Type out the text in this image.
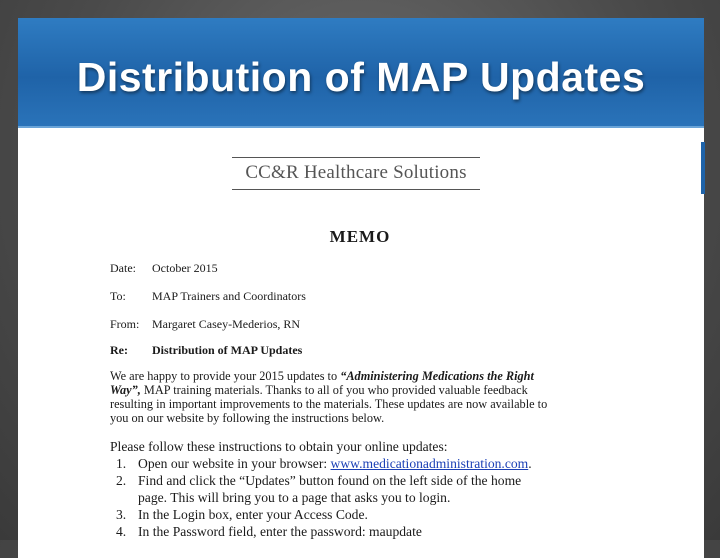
Distribution of MAP Updates
CC&R Healthcare Solutions
MEMO
Date: October 2015
To: MAP Trainers and Coordinators
From: Margaret Casey-Mederios, RN
Re: Distribution of MAP Updates
We are happy to provide your 2015 updates to “Administering Medications the Right
Way”, MAP training materials. Thanks to all of you who provided valuable feedback
resulting in important improvements to the materials. These updates are now available to
you on our website by following the instructions below.
Please follow these instructions to obtain your online updates:
1. Open our website in your browser: www.medicationadministration.com.
2. Find and click the “Updates” button found on the left side of the home
page. This will bring you to a page that asks you to login.
3. In the Login box, enter your Access Code.
4. In the Password field, enter the password: maupdate
